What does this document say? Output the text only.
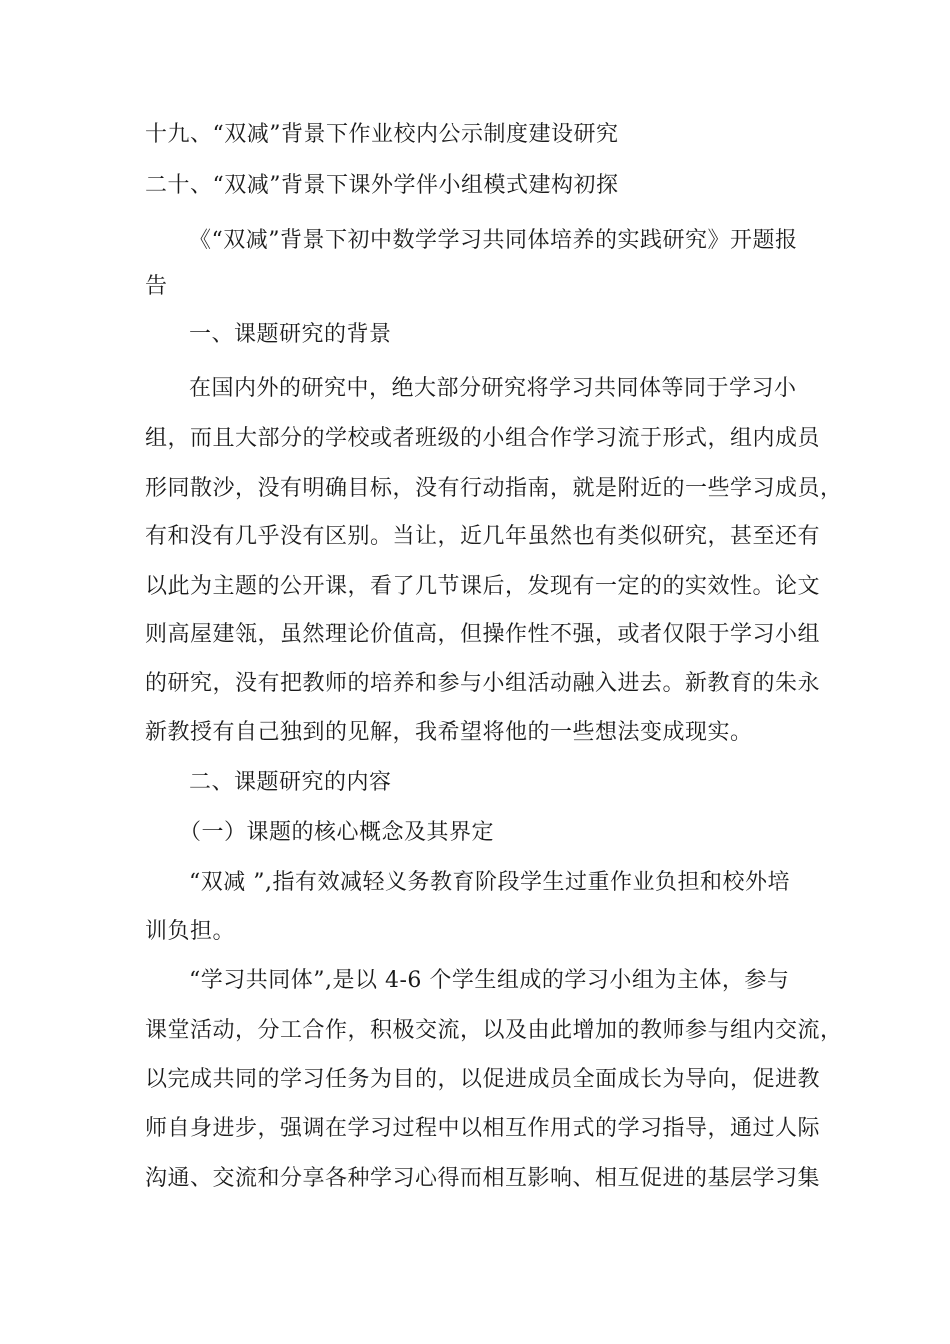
十九、“双减”背景下作业校内公示制度建设研究
二十、“双减”背景下课外学伴小组模式建构初探
《“双减”背景下初中数学学习共同体培养的实践研究》开题报
告
一、课题研究的背景
在国内外的研究中，绝大部分研究将学习共同体等同于学习小
组，而且大部分的学校或者班级的小组合作学习流于形式，组内成员
形同散沙，没有明确目标，没有行动指南，就是附近的一些学习成员，
有和没有几乎没有区别。当让，近几年虽然也有类似研究，甚至还有
以此为主题的公开课，看了几节课后，发现有一定的的实效性。论文
则高屋建瓴，虽然理论价值高，但操作性不强，或者仅限于学习小组
的研究，没有把教师的培养和参与小组活动融入进去。新教育的朱永
新教授有自己独到的见解，我希望将他的一些想法变成现实。
二、课题研究的内容
（一）课题的核心概念及其界定
“双减 ”,指有效减轻义务教育阶段学生过重作业负担和校外培
训负担。
“学习共同体”,是以 4-6 个学生组成的学习小组为主体，参与
课堂活动，分工合作，积极交流，以及由此增加的教师参与组内交流，
以完成共同的学习任务为目的，以促进成员全面成长为导向，促进教
师自身进步，强调在学习过程中以相互作用式的学习指导，通过人际
沟通、交流和分享各种学习心得而相互影响、相互促进的基层学习集
